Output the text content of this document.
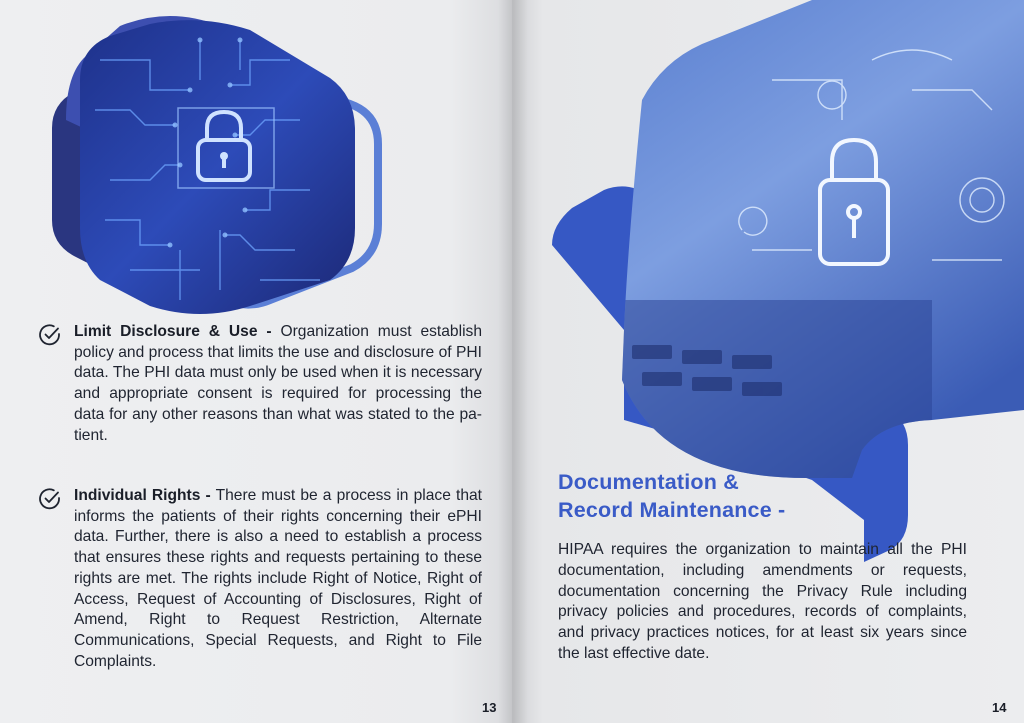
Limit Disclosure & Use - Organization must establish policy and process that limits the use and disclosure of PHI data. The PHI data must only be used when it is necessary and appropriate consent is required for processing the data for any other reasons than what was stated to the patient.

Individual Rights - There must be a process in place that informs the patients of their rights concerning their ePHI data. Further, there is also a need to establish a process that ensures these rights and requests pertaining to these rights are met. The rights include Right of Notice, Right of Access, Request of Accounting of Disclosures, Right of Amend, Right to Request Restriction, Alternate Communications, Special Requests, and Right to File Complaints.

13
Documentation &
Record Maintenance -

HIPAA requires the organization to maintain all the PHI documentation, including amendments or requests, documentation concerning the Privacy Rule including privacy policies and procedures, records of complaints, and privacy practices notices, for at least six years since the last effective date.

14
